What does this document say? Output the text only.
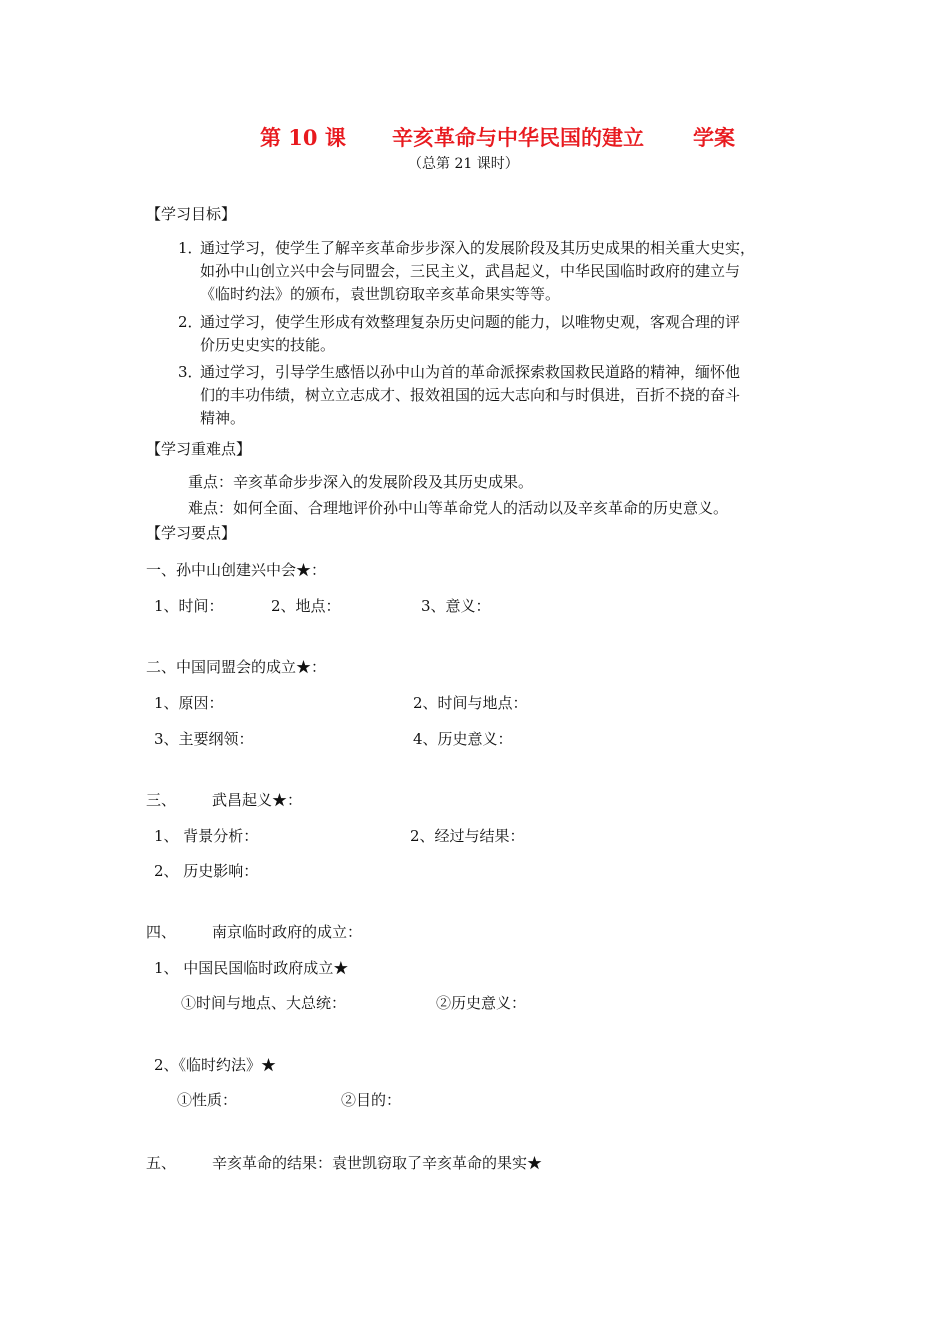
第 10 课 辛亥革命与中华民国的建立 学案
（总第 21 课时）
【学习目标】
1．
通过学习，使学生了解辛亥革命步步深入的发展阶段及其历史成果的相关重大史实，
如孙中山创立兴中会与同盟会，三民主义，武昌起义，中华民国临时政府的建立与
《临时约法》的颁布，袁世凯窃取辛亥革命果实等等。
2．
通过学习，使学生形成有效整理复杂历史问题的能力，以唯物史观，客观合理的评
价历史史实的技能。
3．
通过学习，引导学生感悟以孙中山为首的革命派探索救国救民道路的精神，缅怀他
们的丰功伟绩，树立立志成才、报效祖国的远大志向和与时俱进，百折不挠的奋斗
精神。
【学习重难点】
重点：辛亥革命步步深入的发展阶段及其历史成果。
难点：如何全面、合理地评价孙中山等革命党人的活动以及辛亥革命的历史意义。
【学习要点】
一、孙中山创建兴中会★：
1、时间：	2、地点：	3、意义：
二、中国同盟会的成立★：
1、原因：	2、时间与地点：
3、主要纲领：	4、历史意义：
三、 武昌起义★：
1、 背景分析：	2、经过与结果：
2、 历史影响：
四、 南京临时政府的成立：
1、 中国民国临时政府成立★
①时间与地点、大总统：	②历史意义：
2、《临时约法》★
①性质：	②目的：
五、 辛亥革命的结果：袁世凯窃取了辛亥革命的果实★
